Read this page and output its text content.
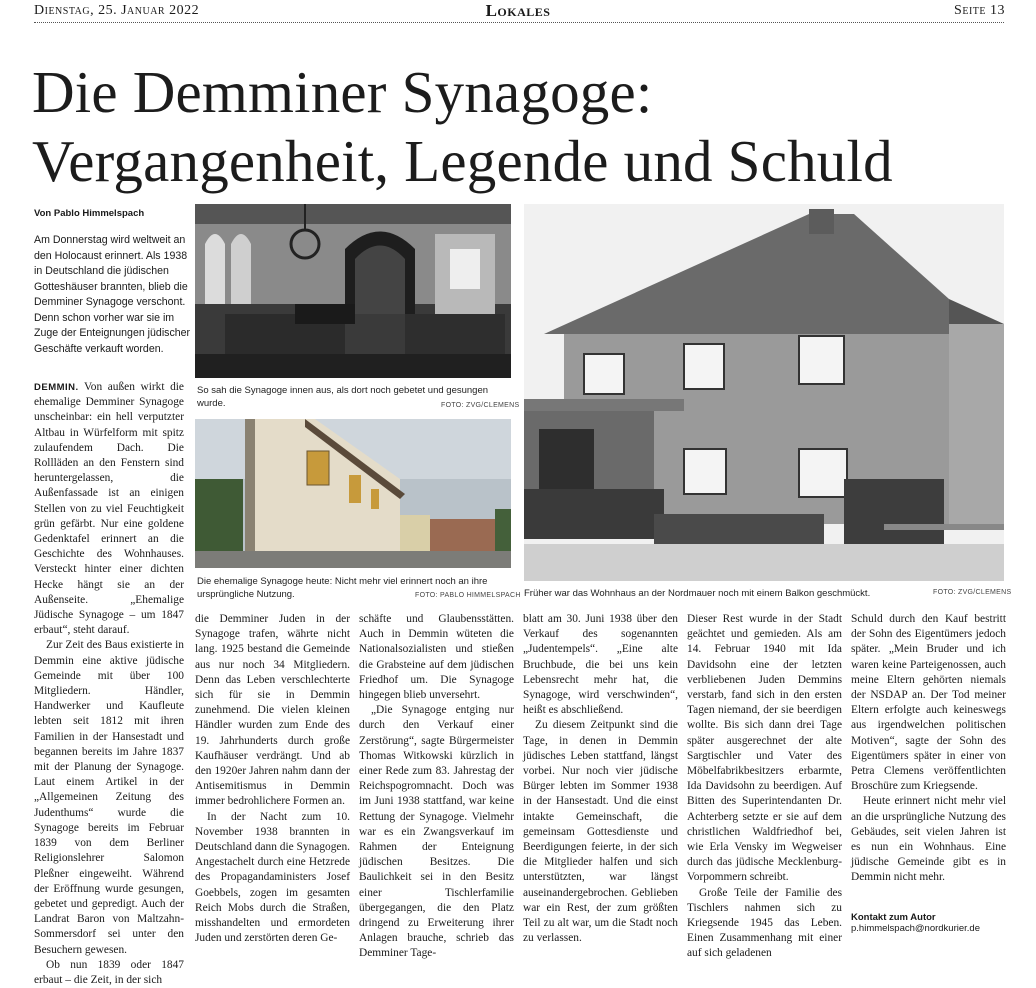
Dienstag, 25. Januar 2022	Lokales	Seite 13
Die Demminer Synagoge:
Vergangenheit, Legende und Schuld
Von Pablo Himmelspach
Am Donnerstag wird weltweit an den Holocaust erinnert. Als 1938 in Deutschland die jüdischen Gotteshäuser brannten, blieb die Demminer Synagoge verschont. Denn schon vorher war sie im Zuge der Enteignungen jüdischer Geschäfte verkauft worden.

DEMMIN. Von außen wirkt die ehemalige Demminer Synagoge unscheinbar: ein hell verputzter Altbau in Würfelform mit spitz zulaufendem Dach. Die Rollläden an den Fenstern sind heruntergelassen, die Außenfassade ist an einigen Stellen von zu viel Feuchtigkeit grün gefärbt. Nur eine goldene Gedenktafel erinnert an die Geschichte des Wohnhauses. Versteckt hinter einer dichten Hecke hängt sie an der Außenseite. „Ehemalige Jüdische Synagoge – um 1847 erbaut“, steht darauf.

Zur Zeit des Baus existierte in Demmin eine aktive jüdische Gemeinde mit über 100 Mitgliedern. Händler, Handwerker und Kaufleute lebten seit 1812 mit ihren Familien in der Hansestadt und begannen bereits im Jahre 1837 mit der Planung der Synagoge. Laut einem Artikel in der „Allgemeinen Zeitung des Judenthums“ wurde die Synagoge bereits im Februar 1839 von dem Berliner Religionslehrer Salomon Pleßner eingeweiht. Während der Eröffnung wurde gesungen, gebetet und gepredigt. Auch der Landrat Baron von Maltzahn-Sommersdorf sei unter den Besuchern gewesen.

Ob nun 1839 oder 1847 erbaut – die Zeit, in der sich

So sah die Synagoge innen aus, als dort noch gebetet und gesungen wurde.	FOTO: ZVG/CLEMENS
Die ehemalige Synagoge heute: Nicht mehr viel erinnert noch an ihre ursprüngliche Nutzung.	FOTO: PABLO HIMMELSPACH Früher war das Wohnhaus an der Nordmauer noch mit einem Balkon geschmückt.	FOTO: ZVG/CLEMENS

die Demminer Juden in der Synagoge trafen, währte nicht lang. 1925 bestand die Gemeinde aus nur noch 34 Mitgliedern. Denn das Leben verschlechterte sich für sie in Demmin zunehmend. Die vielen kleinen Händler wurden zum Ende des 19. Jahrhunderts durch große Kaufhäuser verdrängt. Und ab den 1920er Jahren nahm dann der Antisemitismus in Demmin immer bedrohlichere Formen an.

In der Nacht zum 10. November 1938 brannten in Deutschland dann die Synagogen. Angestachelt durch eine Hetzrede des Propagandaministers Josef Goebbels, zogen im gesamten Reich Mobs durch die Straßen, misshandelten und ermordeten Juden und zerstörten deren Ge-

schäfte und Glaubensstätten. Auch in Demmin wüteten die Nationalsozialisten und stießen die Grabsteine auf dem jüdischen Friedhof um. Die Synagoge hingegen blieb unversehrt.

„Die Synagoge entging nur durch den Verkauf einer Zerstörung“, sagte Bürgermeister Thomas Witkowski kürzlich in einer Rede zum 83. Jahrestag der Reichspogromnacht. Doch was im Juni 1938 stattfand, war keine Rettung der Synagoge. Vielmehr war es ein Zwangsverkauf im Rahmen der Enteignung jüdischen Besitzes. Die Baulichkeit sei in den Besitz einer Tischlerfamilie übergegangen, die den Platz dringend zu Erweiterung ihrer Anlagen brauche, schrieb das Demminer Tage-

blatt am 30. Juni 1938 über den Verkauf des sogenannten „Judentempels“. „Eine alte Bruchbude, die bei uns kein Lebensrecht mehr hat, die Synagoge, wird verschwinden“, heißt es abschließend.

Zu diesem Zeitpunkt sind die Tage, in denen in Demmin jüdisches Leben stattfand, längst vorbei. Nur noch vier jüdische Bürger lebten im Sommer 1938 in der Hansestadt. Und die einst intakte Gemeinschaft, die gemeinsam Gottesdienste und Beerdigungen feierte, in der sich die Mitglieder halfen und sich unterstützten, war längst auseinandergebrochen. Geblieben war ein Rest, der zum größten Teil zu alt war, um die Stadt noch zu verlassen.

Dieser Rest wurde in der Stadt geächtet und gemieden. Als am 14. Februar 1940 mit Ida Davidsohn eine der letzten verbliebenen Juden Demmins verstarb, fand sich in den ersten Tagen niemand, der sie beerdigen wollte. Bis sich dann drei Tage später ausgerechnet der alte Sargtischler und Vater des Möbelfabrikbesitzers erbarmte, Ida Davidsohn zu beerdigen. Auf Bitten des Superintendanten Dr. Achterberg setzte er sie auf dem christlichen Waldfriedhof bei, wie Erla Vensky im Wegweiser durch das jüdische Mecklenburg-Vorpommern schreibt.

Große Teile der Familie des Tischlers nahmen sich zu Kriegsende 1945 das Leben. Einen Zusammenhang mit einer auf sich geladenen

Schuld durch den Kauf bestritt der Sohn des Eigentümers jedoch später. „Mein Bruder und ich waren keine Parteigenossen, auch meine Eltern gehörten niemals der NSDAP an. Der Tod meiner Eltern erfolgte auch keineswegs aus irgendwelchen politischen Motiven“, sagte der Sohn des Eigentümers später in einer von Petra Clemens veröffentlichten Broschüre zum Kriegsende.

Heute erinnert nicht mehr viel an die ursprüngliche Nutzung des Gebäudes, seit vielen Jahren ist es nun ein Wohnhaus. Eine jüdische Gemeinde gibt es in Demmin nicht mehr.

Kontakt zum Autor
p.himmelspach@nordkurier.de
